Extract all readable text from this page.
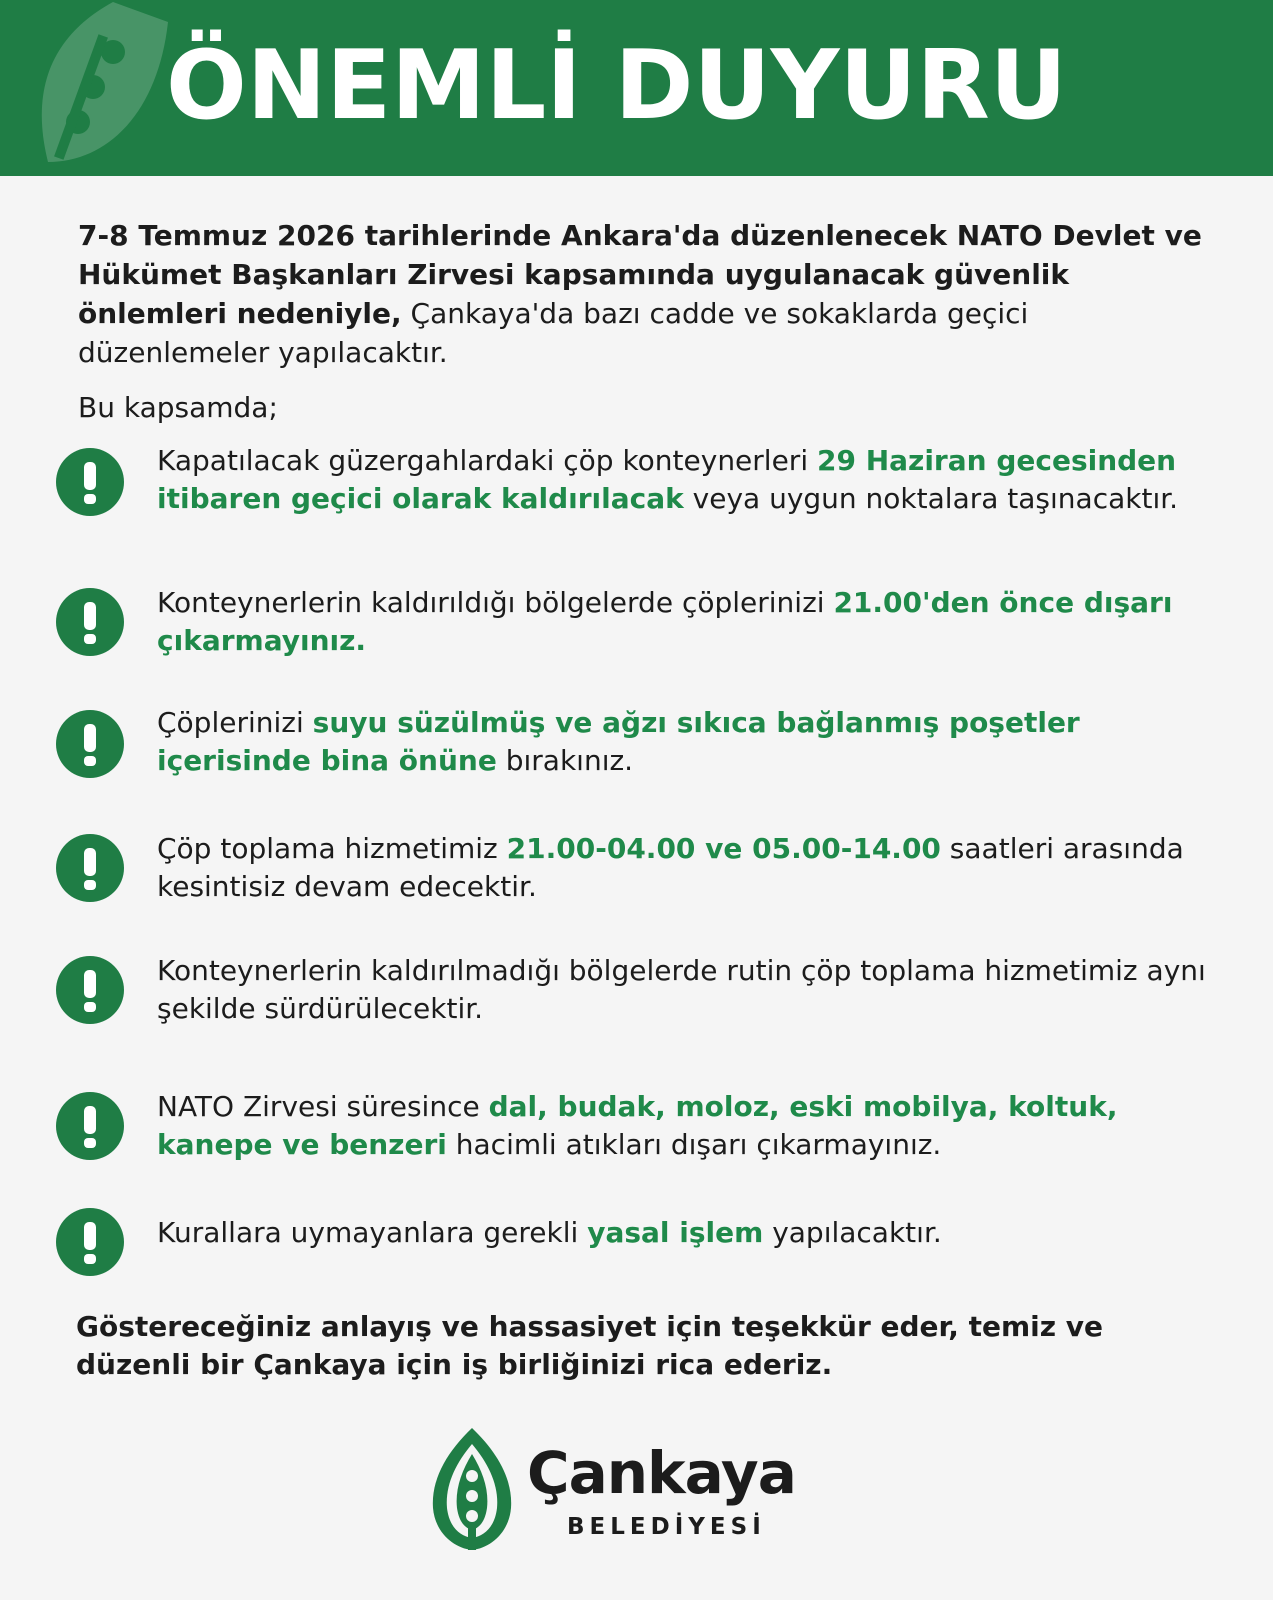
ÖNEMLİ DUYURU
7-8 Temmuz 2026 tarihlerinde Ankara'da düzenlenecek NATO Devlet ve Hükümet Başkanları Zirvesi kapsamında uygulanacak güvenlik önlemleri nedeniyle, Çankaya'da bazı cadde ve sokaklarda geçici düzenlemeler yapılacaktır.
Bu kapsamda;
Kapatılacak güzergahlardaki çöp konteynerleri 29 Haziran gecesinden itibaren geçici olarak kaldırılacak veya uygun noktalara taşınacaktır.
Konteynerlerin kaldırıldığı bölgelerde çöplerinizi 21.00'den önce dışarı çıkarmayınız.
Çöplerinizi suyu süzülmüş ve ağzı sıkıca bağlanmış poşetler içerisinde bina önüne bırakınız.
Çöp toplama hizmetimiz 21.00-04.00 ve 05.00-14.00 saatleri arasında kesintisiz devam edecektir.
Konteynerlerin kaldırılmadığı bölgelerde rutin çöp toplama hizmetimiz aynı şekilde sürdürülecektir.
NATO Zirvesi süresince dal, budak, moloz, eski mobilya, koltuk, kanepe ve benzeri hacimli atıkları dışarı çıkarmayınız.
Kurallara uymayanlara gerekli yasal işlem yapılacaktır.
Göstereceğiniz anlayış ve hassasiyet için teşekkür eder, temiz ve düzenli bir Çankaya için iş birliğinizi rica ederiz.
Çankaya
BELEDİYESİ
